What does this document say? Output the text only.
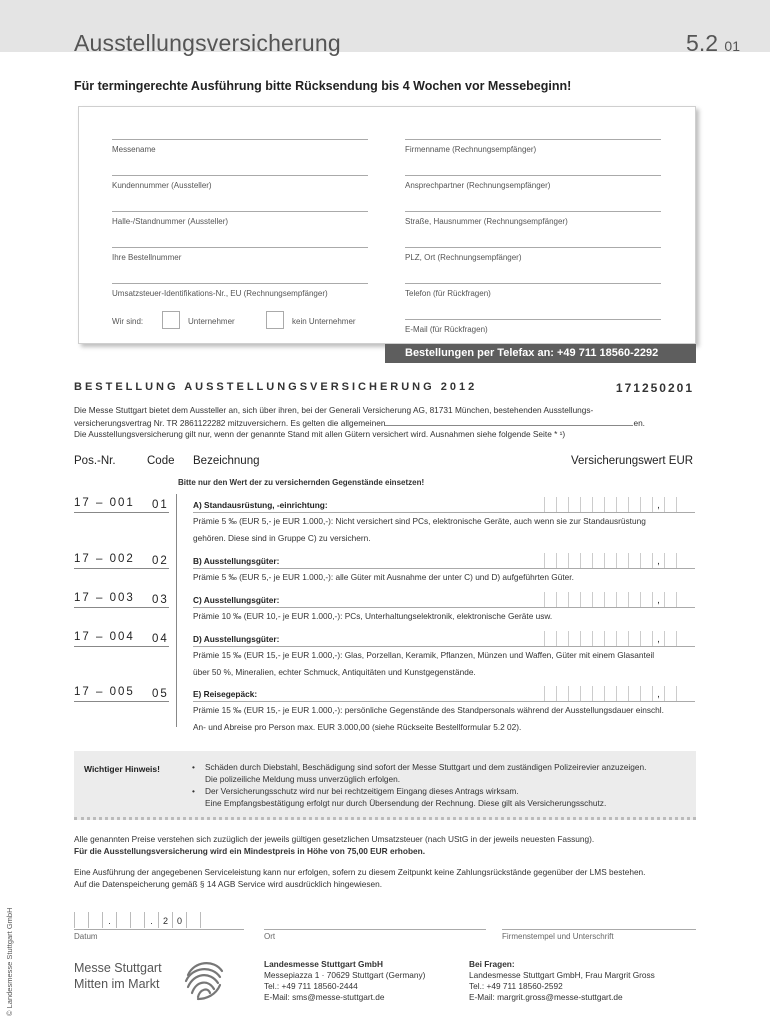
Ausstellungsversicherung	5.2 01
Für termingerechte Ausführung bitte Rücksendung bis 4 Wochen vor Messebeginn!
Messename
Kundennummer (Aussteller)
Halle-/Standnummer (Aussteller)
Ihre Bestellnummer
Umsatzsteuer-Identifikations-Nr., EU (Rechnungsempfänger)
Firmenname (Rechnungsempfänger)
Ansprechpartner (Rechnungsempfänger)
Straße, Hausnummer (Rechnungsempfänger)
PLZ, Ort (Rechnungsempfänger)
Telefon (für Rückfragen)
E-Mail (für Rückfragen)
Wir sind:	Unternehmer	kein Unternehmer
Bestellungen per Telefax an: +49 711 18560-2292
BESTELLUNG AUSSTELLUNGSVERSICHERUNG 2012	171250201
Die Messe Stuttgart bietet dem Aussteller an, sich über ihren, bei der Generali Versicherung AG, 81731 München, bestehenden Ausstellungs-
versicherungsvertrag Nr. TR 2861122282 mitzuversichern. Es gelten die allgemeinen	en.
Die Ausstellungsversicherung gilt nur, wenn der genannte Stand mit allen Gütern versichert wird. Ausnahmen siehe folgende Seite * ¹)
Pos.-Nr.	Code Bezeichnung	Versicherungswert EUR
Bitte nur den Wert der zu versichernden Gegenstände einsetzen!
17 – 001 01	A) Standausrüstung, -einrichtung:	,
Prämie 5 ‰ (EUR 5,- je EUR 1.000,-): Nicht versichert sind PCs, elektronische Geräte, auch wenn sie zur Standausrüstung
gehören. Diese sind in Gruppe C) zu versichern.
17 – 002 02	B) Ausstellungsgüter:	,
Prämie 5 ‰ (EUR 5,- je EUR 1.000,-): alle Güter mit Ausnahme der unter C) und D) aufgeführten Güter.
17 – 003 03	C) Ausstellungsgüter:	,
Prämie 10 ‰ (EUR 10,- je EUR 1.000,-): PCs, Unterhaltungselektronik, elektronische Geräte usw.
17 – 004 04	D) Ausstellungsgüter:	,
Prämie 15 ‰ (EUR 15,- je EUR 1.000,-): Glas, Porzellan, Keramik, Pflanzen, Münzen und Waffen, Güter mit einem Glasanteil
über 50 %, Mineralien, echter Schmuck, Antiquitäten und Kunstgegenstände.
17 – 005 05	E) Reisegepäck:	,
Prämie 15 ‰ (EUR 15,- je EUR 1.000,-): persönliche Gegenstände des Standpersonals während der Ausstellungsdauer einschl.
An- und Abreise pro Person max. EUR 3.000,00 (siehe Rückseite Bestellformular 5.2 02).
Wichtiger Hinweis!	• Schäden durch Diebstahl, Beschädigung sind sofort der Messe Stuttgart und dem zuständigen Polizeirevier anzuzeigen.
Die polizeiliche Meldung muss unverzüglich erfolgen.
• Der Versicherungsschutz wird nur bei rechtzeitigem Eingang dieses Antrags wirksam.
Eine Empfangsbestätigung erfolgt nur durch Übersendung der Rechnung. Diese gilt als Versicherungsschutz.
Alle genannten Preise verstehen sich zuzüglich der jeweils gültigen gesetzlichen Umsatzsteuer (nach UStG in der jeweils neuesten Fassung).
Für die Ausstellungsversicherung wird ein Mindestpreis in Höhe von 75,00 EUR erhoben.
Eine Ausführung der angegebenen Serviceleistung kann nur erfolgen, sofern zu diesem Zeitpunkt keine Zahlungsrückstände gegenüber der LMS bestehen.
Auf die Datenspeicherung gemäß § 14 AGB Service wird ausdrücklich hingewiesen.
.	.	2 0
Datum	Ort	Firmenstempel und Unterschrift
Messe Stuttgart
Mitten im Markt
Landesmesse Stuttgart GmbH
Messepiazza 1 · 70629 Stuttgart (Germany)
Tel.: +49 711 18560-2444
E-Mail: sms@messe-stuttgart.de
Bei Fragen:
Landesmesse Stuttgart GmbH, Frau Margrit Gross
Tel.: +49 711 18560-2592
E-Mail: margrit.gross@messe-stuttgart.de
© Landesmesse Stuttgart GmbH
